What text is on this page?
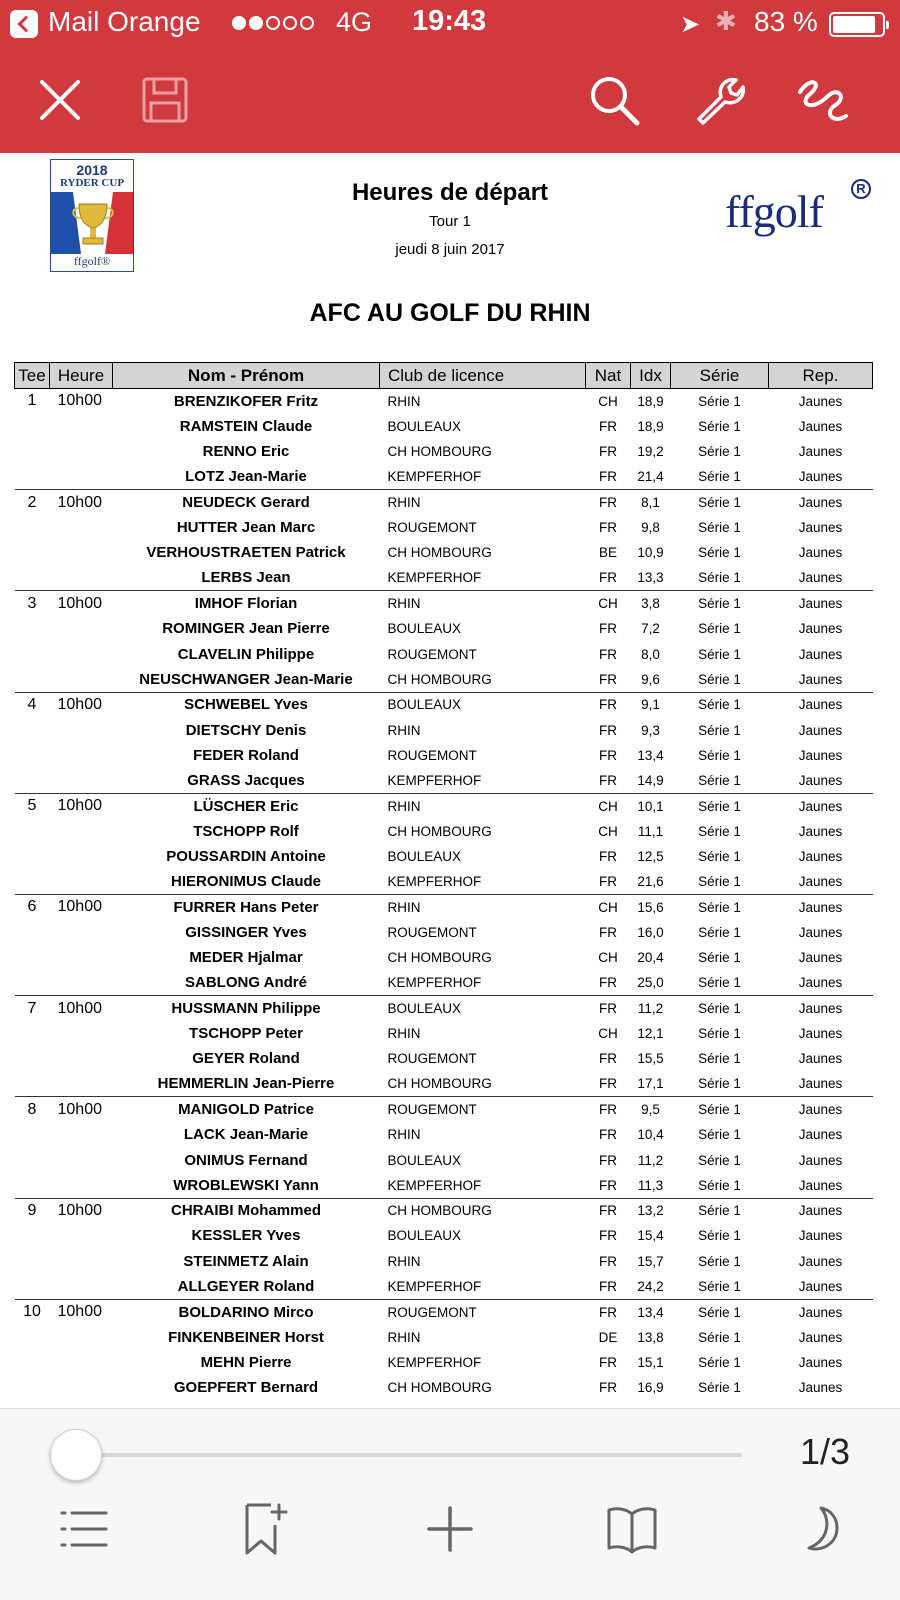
Mail Orange	4G 19:43	➤ ✱ 83 %
2018
RYDER CUP
ffgolf®
Heures de départ
Tour 1
jeudi 8 juin 2017
ffgolf	R
AFC AU GOLF DU RHIN
Tee	Heure	Nom - Prénom	Club de licence	Nat	Idx	Série	Rep.
1	10h00	BRENZIKOFER Fritz	RHIN	CH	18,9	Série 1	Jaunes
		RAMSTEIN Claude	BOULEAUX	FR	18,9	Série 1	Jaunes
		RENNO Eric	CH HOMBOURG	FR	19,2	Série 1	Jaunes
		LOTZ Jean-Marie	KEMPFERHOF	FR	21,4	Série 1	Jaunes
2	10h00	NEUDECK Gerard	RHIN	FR	8,1	Série 1	Jaunes
		HUTTER Jean Marc	ROUGEMONT	FR	9,8	Série 1	Jaunes
		VERHOUSTRAETEN Patrick	CH HOMBOURG	BE	10,9	Série 1	Jaunes
		LERBS Jean	KEMPFERHOF	FR	13,3	Série 1	Jaunes
3	10h00	IMHOF Florian	RHIN	CH	3,8	Série 1	Jaunes
		ROMINGER Jean Pierre	BOULEAUX	FR	7,2	Série 1	Jaunes
		CLAVELIN Philippe	ROUGEMONT	FR	8,0	Série 1	Jaunes
		NEUSCHWANGER Jean-Marie	CH HOMBOURG	FR	9,6	Série 1	Jaunes
4	10h00	SCHWEBEL Yves	BOULEAUX	FR	9,1	Série 1	Jaunes
		DIETSCHY Denis	RHIN	FR	9,3	Série 1	Jaunes
		FEDER Roland	ROUGEMONT	FR	13,4	Série 1	Jaunes
		GRASS Jacques	KEMPFERHOF	FR	14,9	Série 1	Jaunes
5	10h00	LÜSCHER Eric	RHIN	CH	10,1	Série 1	Jaunes
		TSCHOPP Rolf	CH HOMBOURG	CH	11,1	Série 1	Jaunes
		POUSSARDIN Antoine	BOULEAUX	FR	12,5	Série 1	Jaunes
		HIERONIMUS Claude	KEMPFERHOF	FR	21,6	Série 1	Jaunes
6	10h00	FURRER Hans Peter	RHIN	CH	15,6	Série 1	Jaunes
		GISSINGER Yves	ROUGEMONT	FR	16,0	Série 1	Jaunes
		MEDER Hjalmar	CH HOMBOURG	CH	20,4	Série 1	Jaunes
		SABLONG André	KEMPFERHOF	FR	25,0	Série 1	Jaunes
7	10h00	HUSSMANN Philippe	BOULEAUX	FR	11,2	Série 1	Jaunes
		TSCHOPP Peter	RHIN	CH	12,1	Série 1	Jaunes
		GEYER Roland	ROUGEMONT	FR	15,5	Série 1	Jaunes
		HEMMERLIN Jean-Pierre	CH HOMBOURG	FR	17,1	Série 1	Jaunes
8	10h00	MANIGOLD Patrice	ROUGEMONT	FR	9,5	Série 1	Jaunes
		LACK Jean-Marie	RHIN	FR	10,4	Série 1	Jaunes
		ONIMUS Fernand	BOULEAUX	FR	11,2	Série 1	Jaunes
		WROBLEWSKI Yann	KEMPFERHOF	FR	11,3	Série 1	Jaunes
9	10h00	CHRAIBI Mohammed	CH HOMBOURG	FR	13,2	Série 1	Jaunes
		KESSLER Yves	BOULEAUX	FR	15,4	Série 1	Jaunes
		STEINMETZ Alain	RHIN	FR	15,7	Série 1	Jaunes
		ALLGEYER Roland	KEMPFERHOF	FR	24,2	Série 1	Jaunes
10	10h00	BOLDARINO Mirco	ROUGEMONT	FR	13,4	Série 1	Jaunes
		FINKENBEINER Horst	RHIN	DE	13,8	Série 1	Jaunes
		MEHN Pierre	KEMPFERHOF	FR	15,1	Série 1	Jaunes
		GOEPFERT Bernard	CH HOMBOURG	FR	16,9	Série 1	Jaunes
1/3
